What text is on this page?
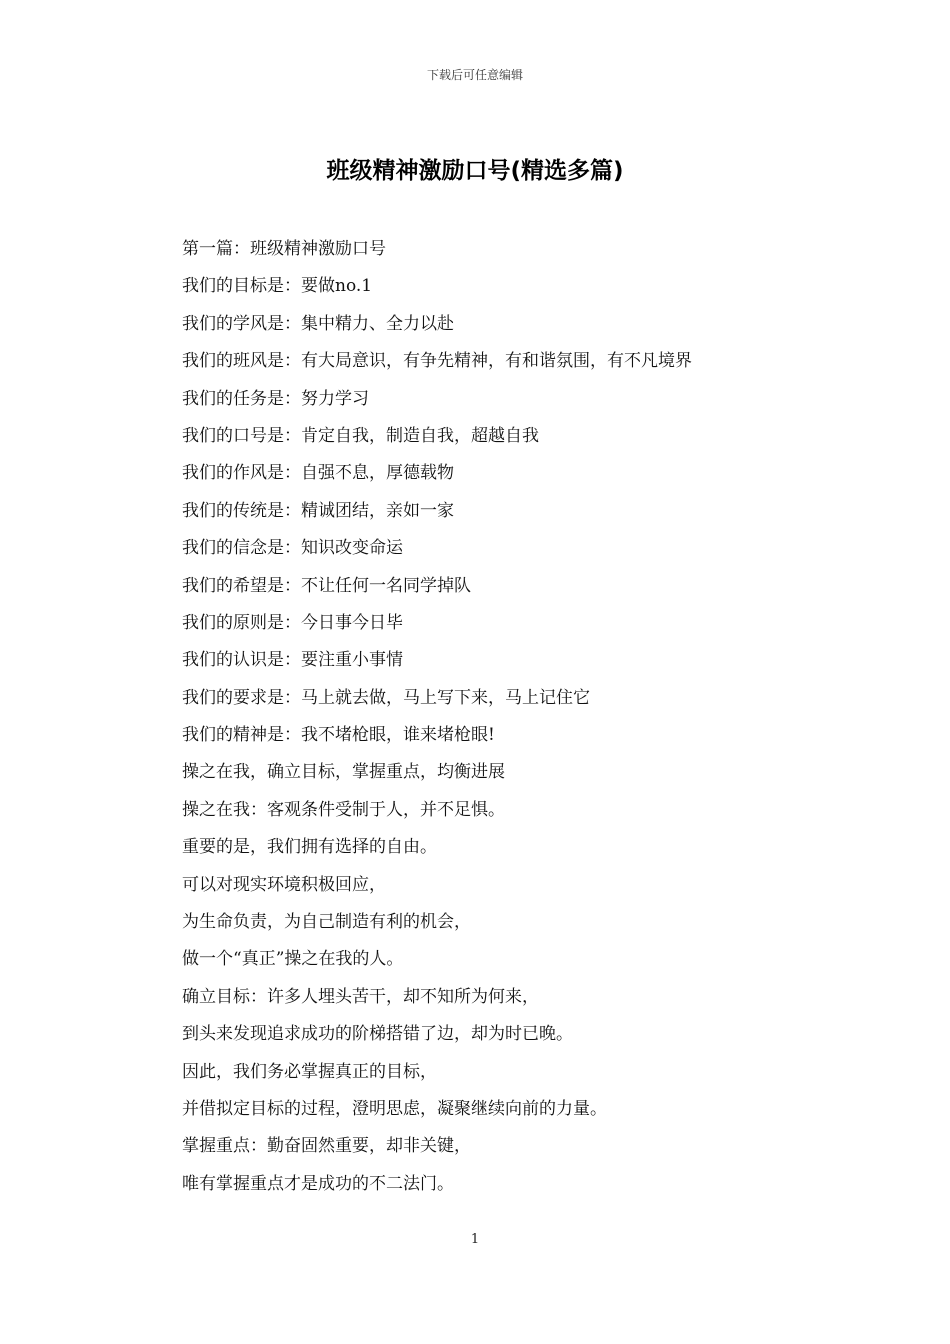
下载后可任意编辑
班级精神激励口号(精选多篇)
第一篇：班级精神激励口号
我们的目标是：要做no.1
我们的学风是：集中精力、全力以赴
我们的班风是：有大局意识，有争先精神，有和谐氛围，有不凡境界
我们的任务是：努力学习
我们的口号是：肯定自我，制造自我，超越自我
我们的作风是：自强不息，厚德载物
我们的传统是：精诚团结，亲如一家
我们的信念是：知识改变命运
我们的希望是：不让任何一名同学掉队
我们的原则是：今日事今日毕
我们的认识是：要注重小事情
我们的要求是：马上就去做，马上写下来，马上记住它
我们的精神是：我不堵枪眼，谁来堵枪眼!
操之在我，确立目标，掌握重点，均衡进展
操之在我：客观条件受制于人，并不足惧。
重要的是，我们拥有选择的自由。
可以对现实环境积极回应，
为生命负责，为自己制造有利的机会，
做一个“真正”操之在我的人。
确立目标：许多人埋头苦干，却不知所为何来，
到头来发现追求成功的阶梯搭错了边，却为时已晚。
因此，我们务必掌握真正的目标，
并借拟定目标的过程，澄明思虑，凝聚继续向前的力量。
掌握重点：勤奋固然重要，却非关键，
唯有掌握重点才是成功的不二法门。
1
